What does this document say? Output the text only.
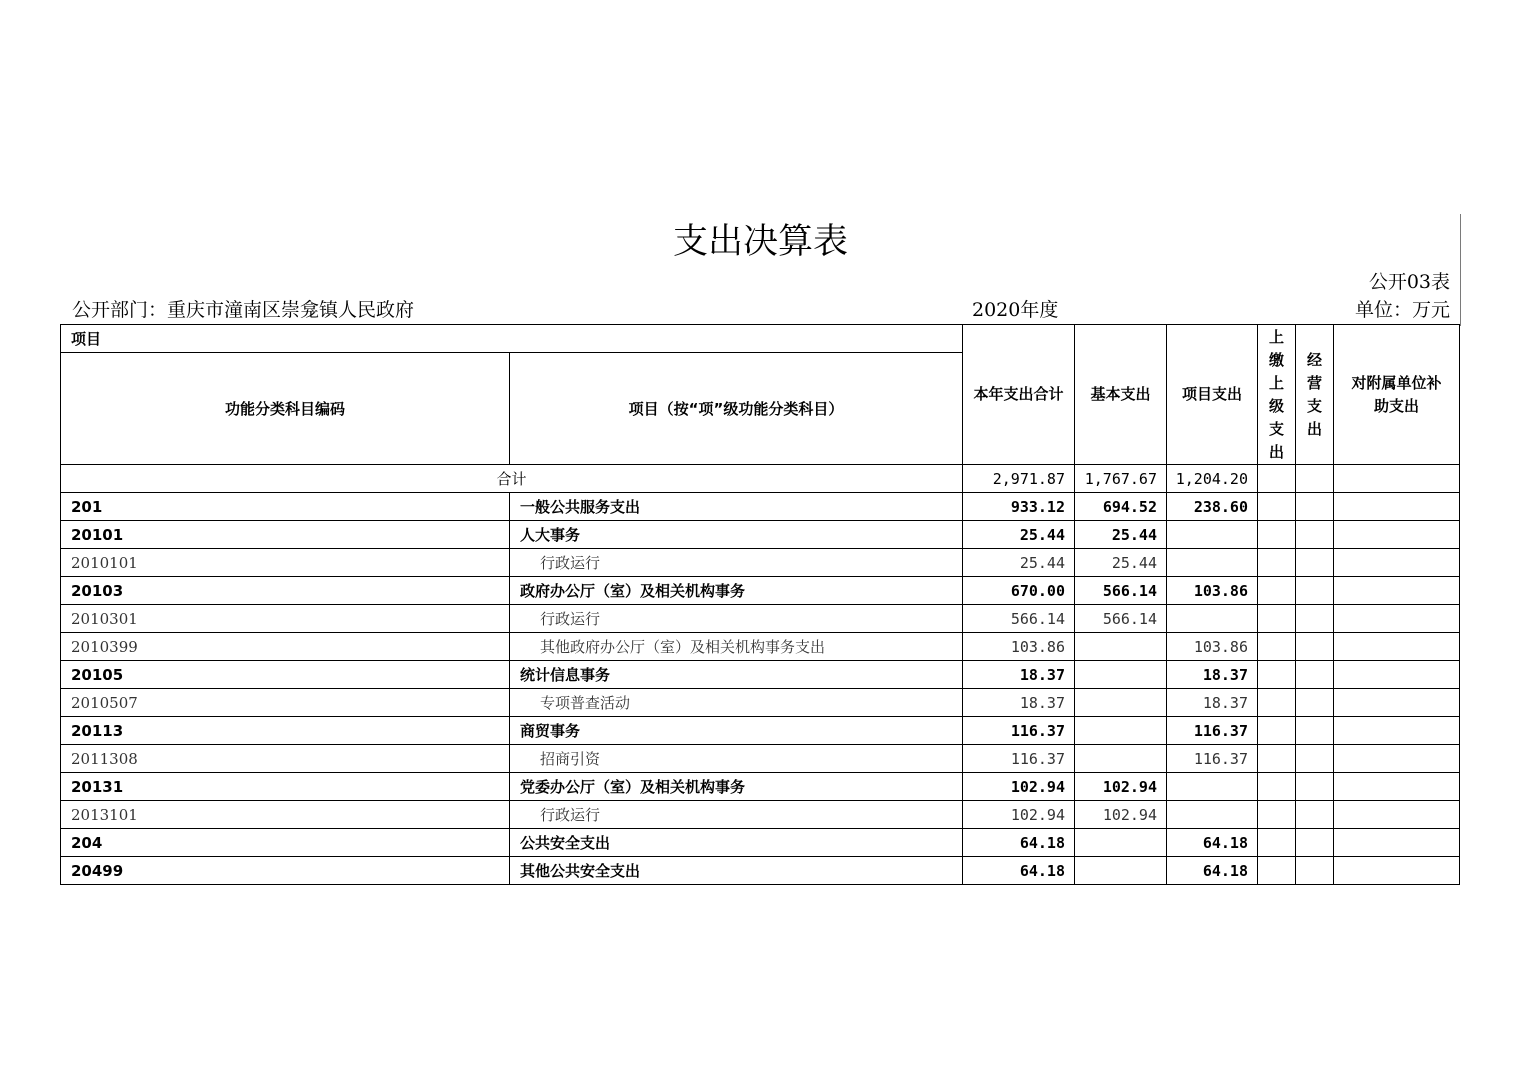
支出决算表
公开03表
公开部门：重庆市潼南区崇龛镇人民政府	2020年度	单位：万元
项目		本年支出合计	基本支出	项目支出	上缴上级支出	经营支出	对附属单位补助支出

功能分类科目编码	项目（按“项”级功能分类科目）						
合计		2,971.87	1,767.67	1,204.20			
201	一般公共服务支出	933.12	694.52	238.60			
20101	人大事务	25.44	25.44				
2010101	行政运行	25.44	25.44				
20103	政府办公厅（室）及相关机构事务	670.00	566.14	103.86			
2010301	行政运行	566.14	566.14				
2010399	其他政府办公厅（室）及相关机构事务支出	103.86		103.86			
20105	统计信息事务	18.37		18.37			
2010507	专项普查活动	18.37		18.37			
20113	商贸事务	116.37		116.37			
2011308	招商引资	116.37		116.37			
20131	党委办公厅（室）及相关机构事务	102.94	102.94				
2013101	行政运行	102.94	102.94				
204	公共安全支出	64.18		64.18			
20499	其他公共安全支出	64.18		64.18			
